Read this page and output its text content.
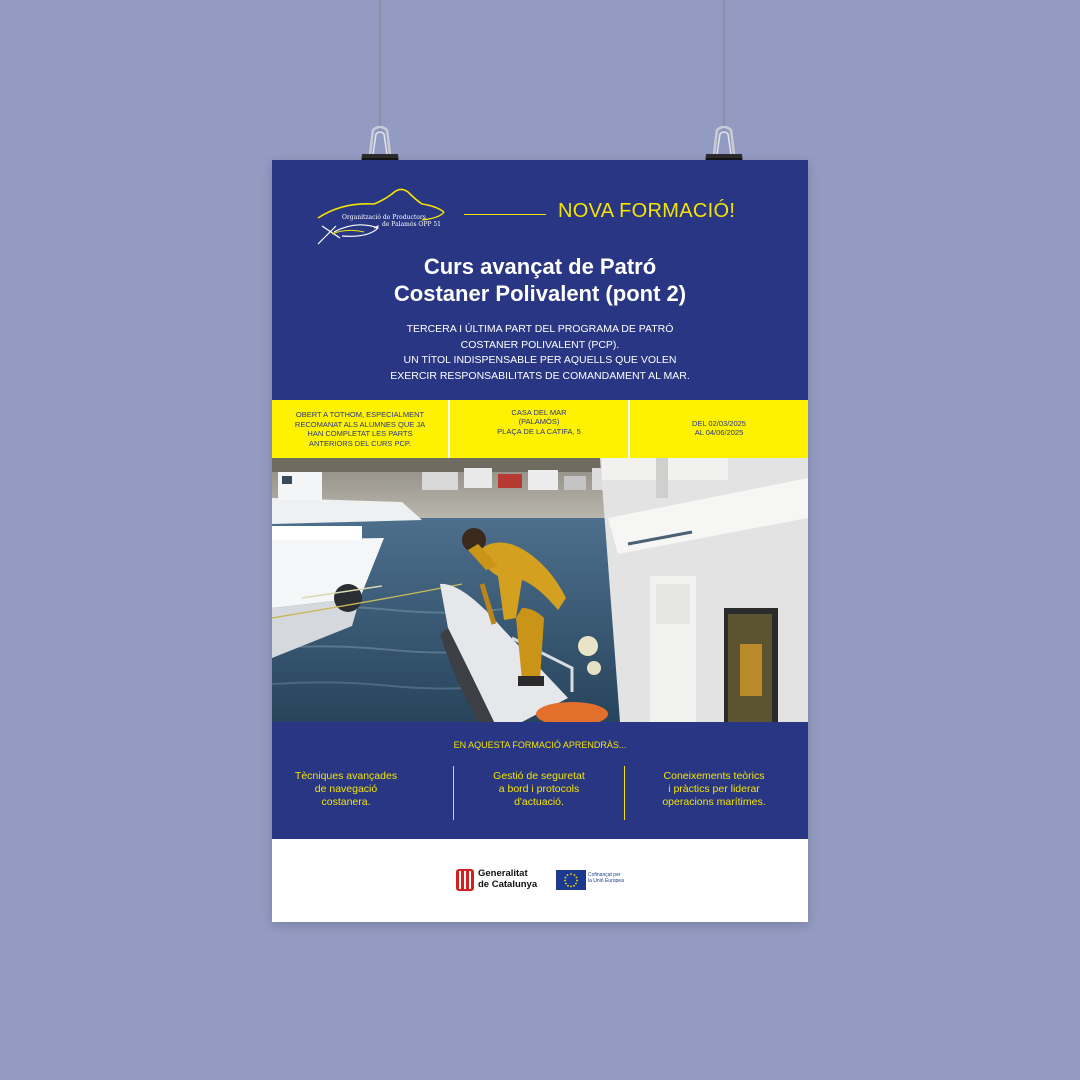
Organització de Productors
de Palamós OPP 51
NOVA FORMACIÓ!
Curs avançat de Patró
Costaner Polivalent (pont 2)
TERCERA I ÚLTIMA PART DEL PROGRAMA DE PATRÓ
COSTANER POLIVALENT (PCP).
UN TÍTOL INDISPENSABLE PER AQUELLS QUE VOLEN
EXERCIR RESPONSABILITATS DE COMANDAMENT AL MAR.
OBERT A TOTHOM, ESPECIALMENT
RECOMANAT ALS ALUMNES QUE JA
HAN COMPLETAT LES PARTS
ANTERIORS DEL CURS PCP.
CASA DEL MAR
(PALAMÓS)
PLAÇA DE LA CATIFA, 5
DEL 02/03/2025
AL 04/06/2025
EN AQUESTA FORMACIÓ APRENDRÀS...
Tècniques avançades
de navegació
costanera.
Gestió de seguretat
a bord i protocols
d'actuació.
Coneixements teòrics
i pràctics per liderar
operacions marítimes.
Generalitat
de Catalunya
Cofinançat per
la Unió Europea
